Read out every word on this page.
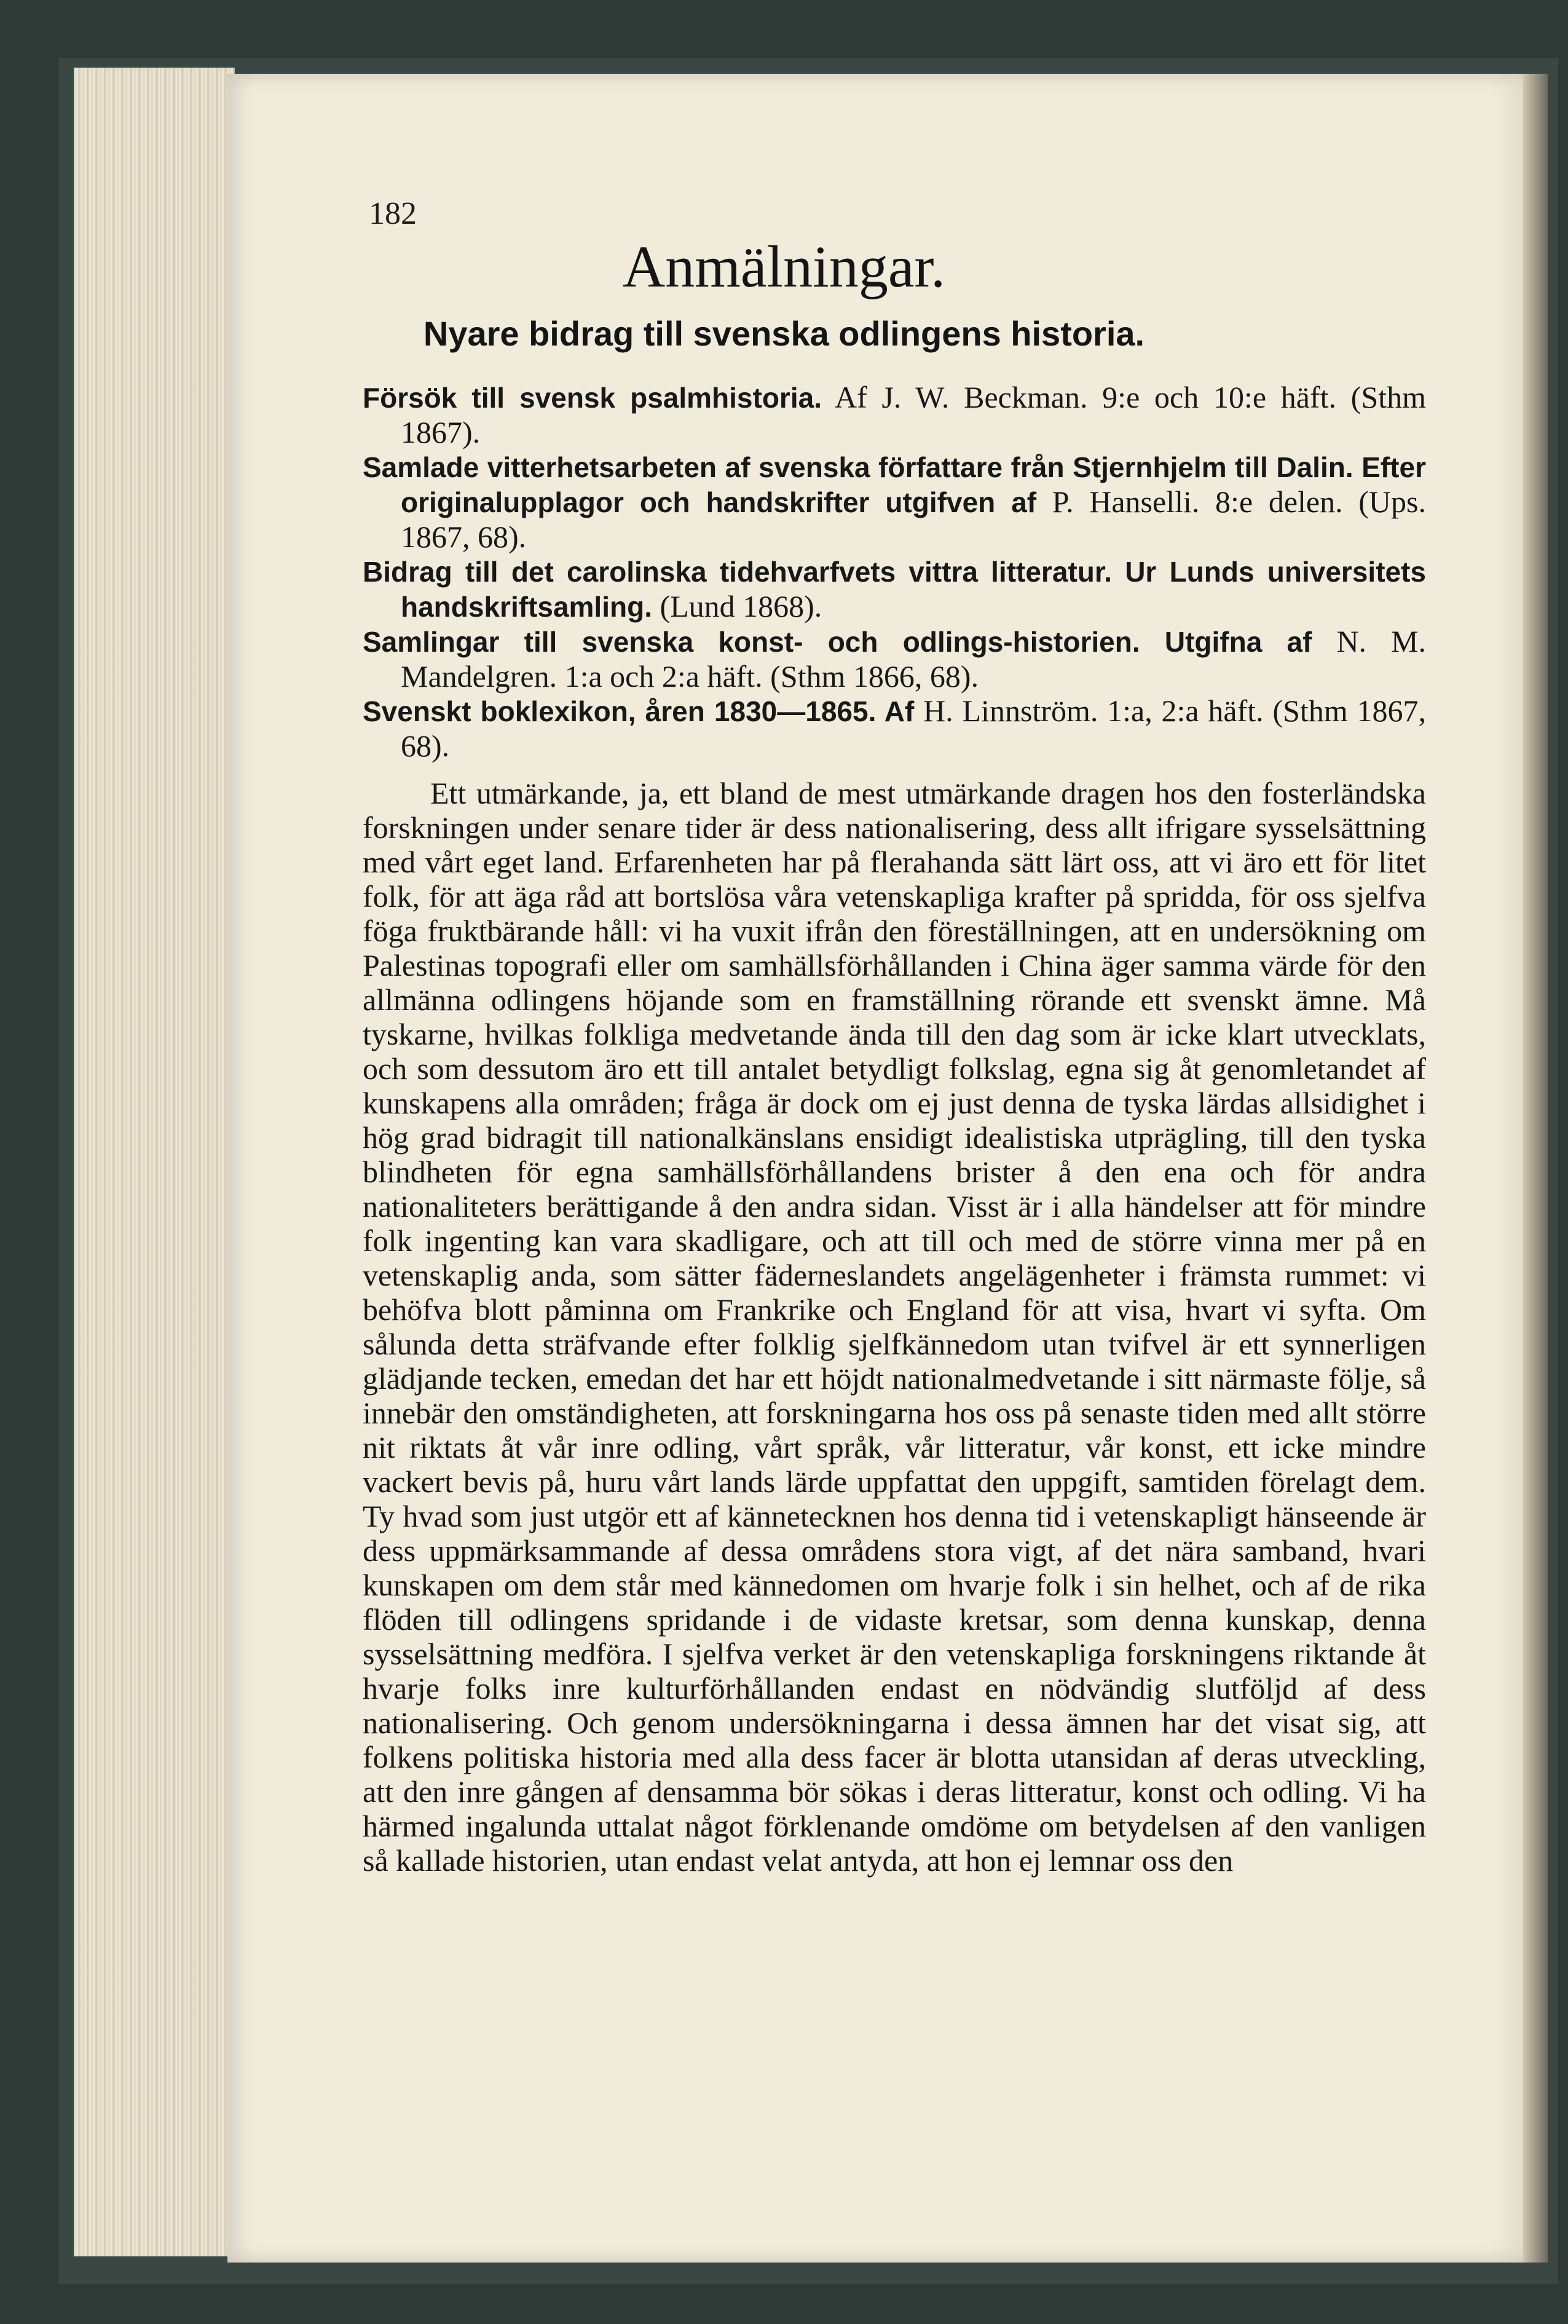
182
Anmälningar.
Nyare bidrag till svenska odlingens historia.
Försök till svensk psalmhistoria. Af J. W. Beckman. 9:e och 10:e häft. (Sthm 1867).
Samlade vitterhetsarbeten af svenska författare från Stjernhjelm till Dalin. Efter originalupplagor och handskrifter utgifven af P. Hanselli. 8:e delen. (Ups. 1867, 68).
Bidrag till det carolinska tidehvarfvets vittra litteratur. Ur Lunds universitets handskriftsamling. (Lund 1868).
Samlingar till svenska konst- och odlings-historien. Utgifna af N. M. Mandelgren. 1:a och 2:a häft. (Sthm 1866, 68).
Svenskt boklexikon, åren 1830—1865. Af H. Linnström. 1:a, 2:a häft. (Sthm 1867, 68).
Ett utmärkande, ja, ett bland de mest utmärkande dragen hos den fosterländska forskningen under senare tider är dess nationalisering, dess allt ifrigare sysselsättning med vårt eget land. Erfarenheten har på flerahanda sätt lärt oss, att vi äro ett för litet folk, för att äga råd att bortslösa våra vetenskapliga krafter på spridda, för oss sjelfva föga fruktbärande håll: vi ha vuxit ifrån den föreställningen, att en undersökning om Palestinas topografi eller om samhällsförhållanden i China äger samma värde för den allmänna odlingens höjande som en framställning rörande ett svenskt ämne. Må tyskarne, hvilkas folkliga medvetande ända till den dag som är icke klart utvecklats, och som dessutom äro ett till antalet betydligt folkslag, egna sig åt genomletandet af kunskapens alla områden; fråga är dock om ej just denna de tyska lärdas allsidighet i hög grad bidragit till nationalkänslans ensidigt idealistiska utprägling, till den tyska blindheten för egna samhällsförhållandens brister å den ena och för andra nationaliteters berättigande å den andra sidan. Visst är i alla händelser att för mindre folk ingenting kan vara skadligare, och att till och med de större vinna mer på en vetenskaplig anda, som sätter fäderneslandets angelägenheter i främsta rummet: vi behöfva blott påminna om Frankrike och England för att visa, hvart vi syfta. Om sålunda detta sträfvande efter folklig sjelfkännedom utan tvifvel är ett synnerligen glädjande tecken, emedan det har ett höjdt nationalmedvetande i sitt närmaste följe, så innebär den omständigheten, att forskningarna hos oss på senaste tiden med allt större nit riktats åt vår inre odling, vårt språk, vår litteratur, vår konst, ett icke mindre vackert bevis på, huru vårt lands lärde uppfattat den uppgift, samtiden förelagt dem. Ty hvad som just utgör ett af kännetecknen hos denna tid i vetenskapligt hänseende är dess uppmärksammande af dessa områdens stora vigt, af det nära samband, hvari kunskapen om dem står med kännedomen om hvarje folk i sin helhet, och af de rika flöden till odlingens spridande i de vidaste kretsar, som denna kunskap, denna sysselsättning medföra. I sjelfva verket är den vetenskapliga forskningens riktande åt hvarje folks inre kulturförhållanden endast en nödvändig slutföljd af dess nationalisering. Och genom undersökningarna i dessa ämnen har det visat sig, att folkens politiska historia med alla dess facer är blotta utansidan af deras utveckling, att den inre gången af densamma bör sökas i deras litteratur, konst och odling. Vi ha härmed ingalunda uttalat något förklenande omdöme om betydelsen af den vanligen så kallade historien, utan endast velat antyda, att hon ej lemnar oss den
